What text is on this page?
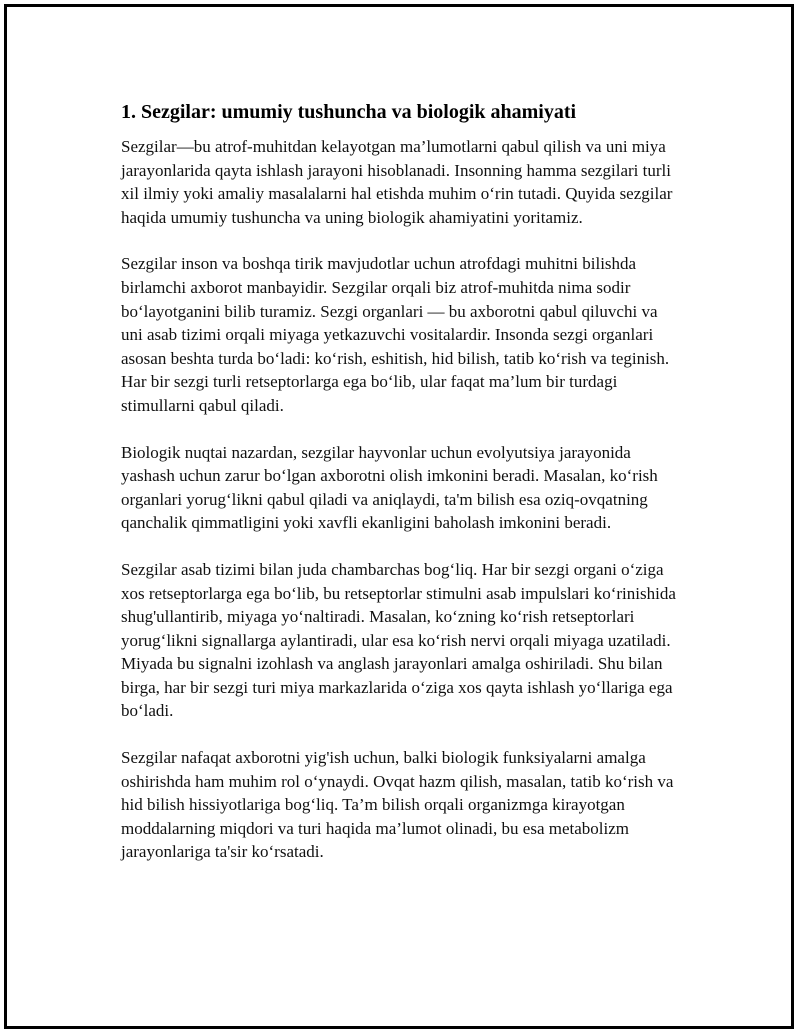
1. Sezgilar: umumiy tushuncha va biologik ahamiyati

Sezgilar—bu atrof-muhitdan kelayotgan ma’lumotlarni qabul qilish va uni miya jarayonlarida qayta ishlash jarayoni hisoblanadi. Insonning hamma sezgilari turli xil ilmiy yoki amaliy masalalarni hal etishda muhim o‘rin tutadi. Quyida sezgilar haqida umumiy tushuncha va uning biologik ahamiyatini yoritamiz.

Sezgilar inson va boshqa tirik mavjudotlar uchun atrofdagi muhitni bilishda birlamchi axborot manbayidir. Sezgilar orqali biz atrof-muhitda nima sodir bo‘layotganini bilib turamiz. Sezgi organlari — bu axborotni qabul qiluvchi va uni asab tizimi orqali miyaga yetkazuvchi vositalardir. Insonda sezgi organlari asosan beshta turda bo‘ladi: ko‘rish, eshitish, hid bilish, tatib ko‘rish va teginish. Har bir sezgi turli retseptorlarga ega bo‘lib, ular faqat ma’lum bir turdagi stimullarni qabul qiladi.

Biologik nuqtai nazardan, sezgilar hayvonlar uchun evolyutsiya jarayonida yashash uchun zarur bo‘lgan axborotni olish imkonini beradi. Masalan, ko‘rish organlari yorug‘likni qabul qiladi va aniqlaydi, ta'm bilish esa oziq-ovqatning qanchalik qimmatligini yoki xavfli ekanligini baholash imkonini beradi.

Sezgilar asab tizimi bilan juda chambarchas bog‘liq. Har bir sezgi organi o‘ziga xos retseptorlarga ega bo‘lib, bu retseptorlar stimulni asab impulslari ko‘rinishida shug'ullantirib, miyaga yo‘naltiradi. Masalan, ko‘zning ko‘rish retseptorlari yorug‘likni signallarga aylantiradi, ular esa ko‘rish nervi orqali miyaga uzatiladi. Miyada bu signalni izohlash va anglash jarayonlari amalga oshiriladi. Shu bilan birga, har bir sezgi turi miya markazlarida o‘ziga xos qayta ishlash yo‘llariga ega bo‘ladi.

Sezgilar nafaqat axborotni yig'ish uchun, balki biologik funksiyalarni amalga oshirishda ham muhim rol o‘ynaydi. Ovqat hazm qilish, masalan, tatib ko‘rish va hid bilish hissiyotlariga bog‘liq. Ta’m bilish orqali organizmga kirayotgan moddalarning miqdori va turi haqida ma’lumot olinadi, bu esa metabolizm jarayonlariga ta'sir ko‘rsatadi.
